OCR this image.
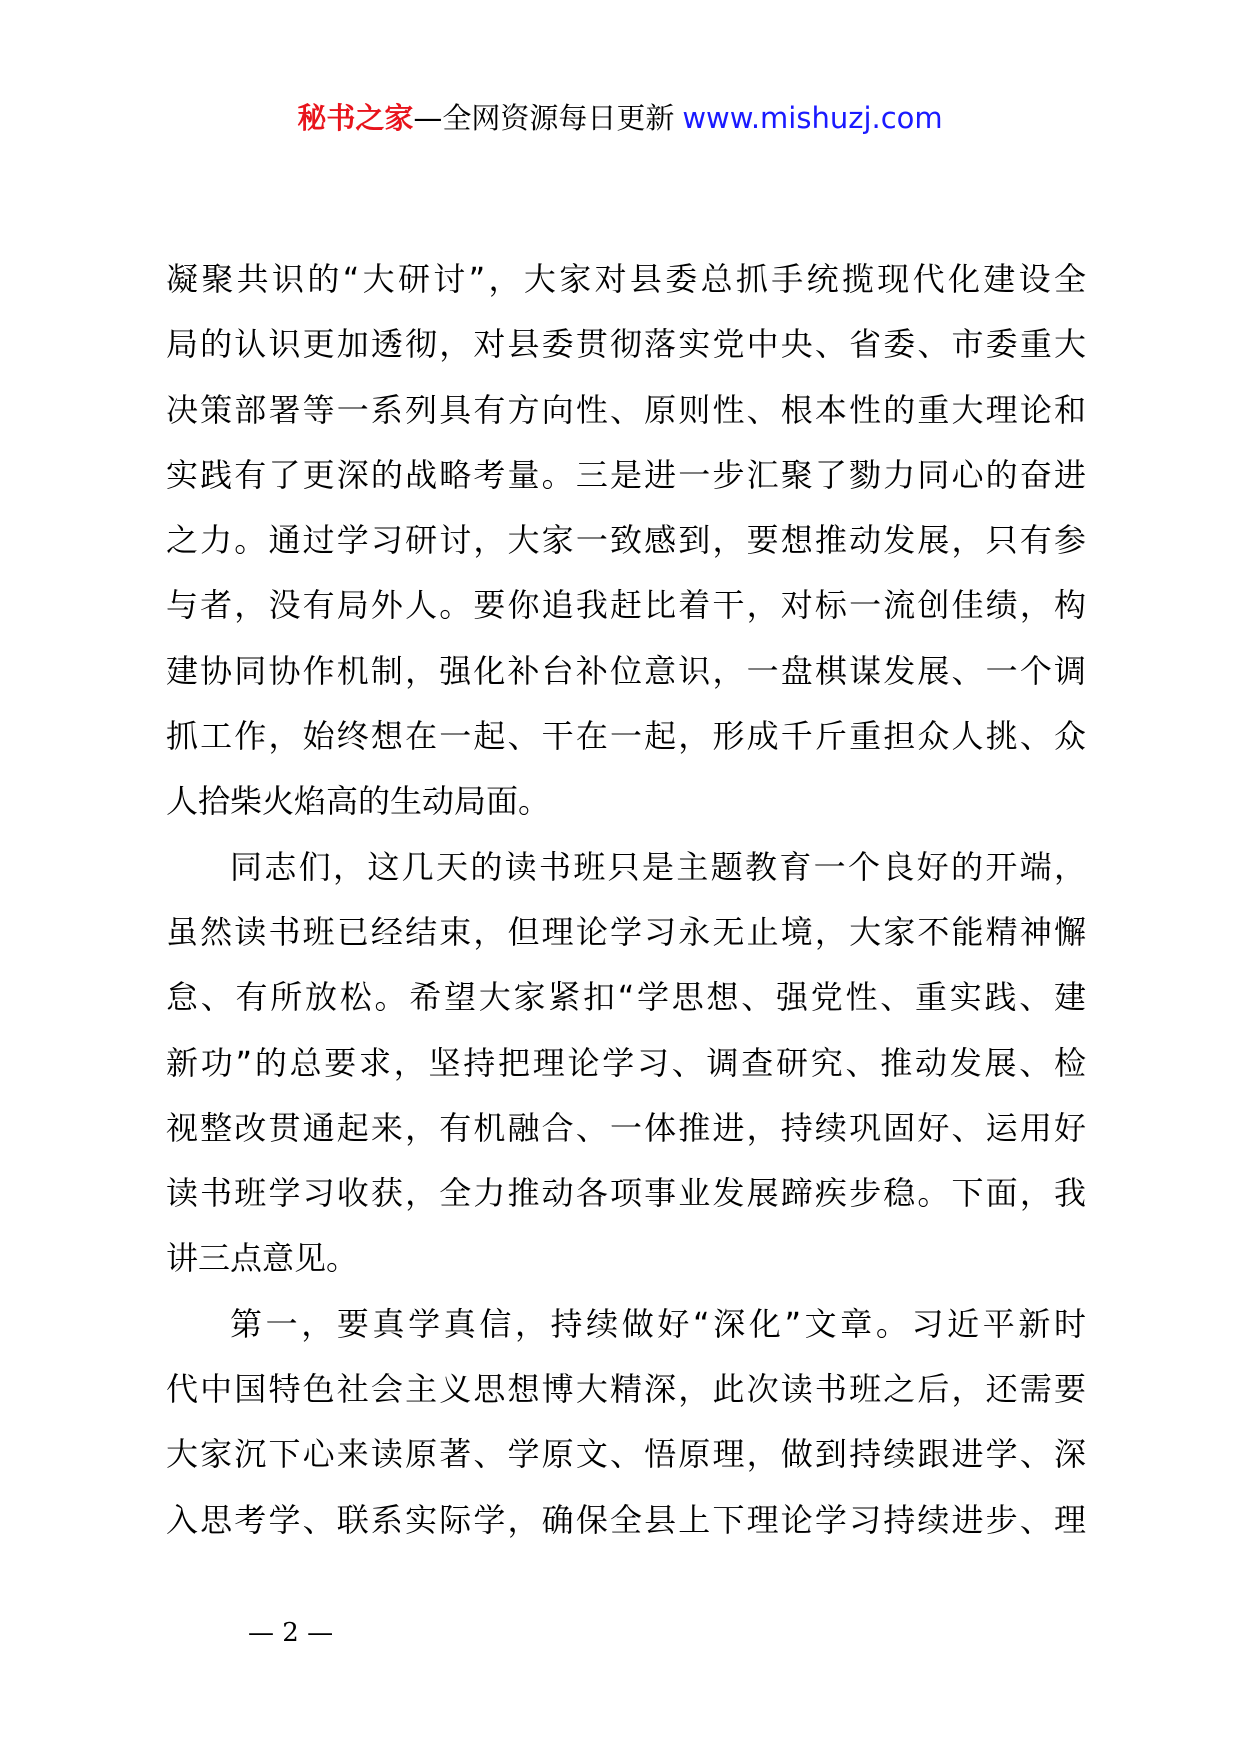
秘书之家—全网资源每日更新 www.mishuzj.com
凝聚共识的“大研讨”，大家对县委总抓手统揽现代化建设全
局的认识更加透彻，对县委贯彻落实党中央、省委、市委重大
决策部署等一系列具有方向性、原则性、根本性的重大理论和
实践有了更深的战略考量。三是进一步汇聚了勠力同心的奋进
之力。通过学习研讨，大家一致感到，要想推动发展，只有参
与者，没有局外人。要你追我赶比着干，对标一流创佳绩，构
建协同协作机制，强化补台补位意识，一盘棋谋发展、一个调
抓工作，始终想在一起、干在一起，形成千斤重担众人挑、众
人拾柴火焰高的生动局面。
同志们，这几天的读书班只是主题教育一个良好的开端，
虽然读书班已经结束，但理论学习永无止境，大家不能精神懈
怠、有所放松。希望大家紧扣“学思想、强党性、重实践、建
新功”的总要求，坚持把理论学习、调查研究、推动发展、检
视整改贯通起来，有机融合、一体推进，持续巩固好、运用好
读书班学习收获，全力推动各项事业发展蹄疾步稳。下面，我
讲三点意见。
第一，要真学真信，持续做好“深化”文章。习近平新时
代中国特色社会主义思想博大精深，此次读书班之后，还需要
大家沉下心来读原著、学原文、悟原理，做到持续跟进学、深
入思考学、联系实际学，确保全县上下理论学习持续进步、理
— 2 —
